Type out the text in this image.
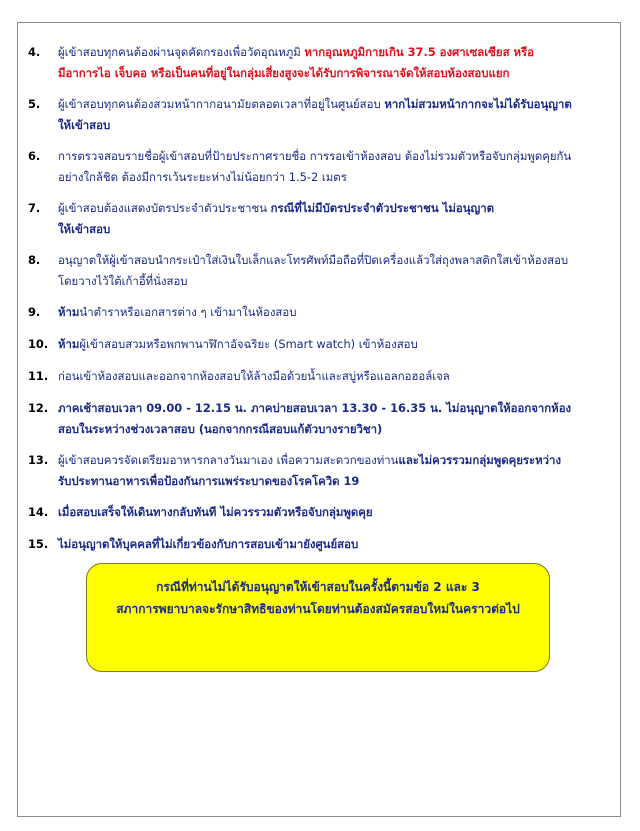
4. ผู้เข้าสอบทุกคนต้องผ่านจุดคัดกรองเพื่อวัดอุณหภูมิ หากอุณหภูมิกายเกิน 37.5 องศาเซลเซียส หรือ
มีอาการไอ เจ็บคอ หรือเป็นคนที่อยู่ในกลุ่มเสี่ยงสูงจะได้รับการพิจารณาจัดให้สอบห้องสอบแยก
5. ผู้เข้าสอบทุกคนต้องสวมหน้ากากอนามัยตลอดเวลาที่อยู่ในศูนย์สอบ หากไม่สวมหน้ากากจะไม่ได้รับอนุญาต
ให้เข้าสอบ
6. การตรวจสอบรายชื่อผู้เข้าสอบที่ป้ายประกาศรายชื่อ การรอเข้าห้องสอบ ต้องไม่รวมตัวหรือจับกลุ่มพูดคุยกัน
อย่างใกล้ชิด ต้องมีการเว้นระยะห่างไม่น้อยกว่า 1.5-2 เมตร
7. ผู้เข้าสอบต้องแสดงบัตรประจำตัวประชาชน กรณีที่ไม่มีบัตรประจำตัวประชาชน ไม่อนุญาต
ให้เข้าสอบ
8. อนุญาตให้ผู้เข้าสอบนำกระเป๋าใส่เงินใบเล็กและโทรศัพท์มือถือที่ปิดเครื่องแล้วใส่ถุงพลาสติกใสเข้าห้องสอบ
โดยวางไว้ใต้เก้าอี้ที่นั่งสอบ
9. ห้ามนำตำราหรือเอกสารต่าง ๆ เข้ามาในห้องสอบ
10. ห้ามผู้เข้าสอบสวมหรือพกพานาฬิกาอัจฉริยะ (Smart watch) เข้าห้องสอบ
11. ก่อนเข้าห้องสอบและออกจากห้องสอบให้ล้างมือด้วยน้ำและสบู่หรือแอลกอฮอล์เจล
12. ภาคเช้าสอบเวลา 09.00 - 12.15 น. ภาคบ่ายสอบเวลา 13.30 - 16.35 น. ไม่อนุญาตให้ออกจากห้อง
สอบในระหว่างช่วงเวลาสอบ (นอกจากกรณีสอบแก้ตัวบางรายวิชา)
13. ผู้เข้าสอบควรจัดเตรียมอาหารกลางวันมาเอง เพื่อความสะดวกของท่านและไม่ควรรวมกลุ่มพูดคุยระหว่าง
รับประทานอาหารเพื่อป้องกันการแพร่ระบาดของโรคโควิด 19
14. เมื่อสอบเสร็จให้เดินทางกลับทันที ไม่ควรรวมตัวหรือจับกลุ่มพูดคุย
15. ไม่อนุญาตให้บุคคลที่ไม่เกี่ยวข้องกับการสอบเข้ามายังศูนย์สอบ
กรณีที่ท่านไม่ได้รับอนุญาตให้เข้าสอบในครั้งนี้ตามข้อ 2 และ 3
สภาการพยาบาลจะรักษาสิทธิของท่านโดยท่านต้องสมัครสอบใหม่ในคราวต่อไป
